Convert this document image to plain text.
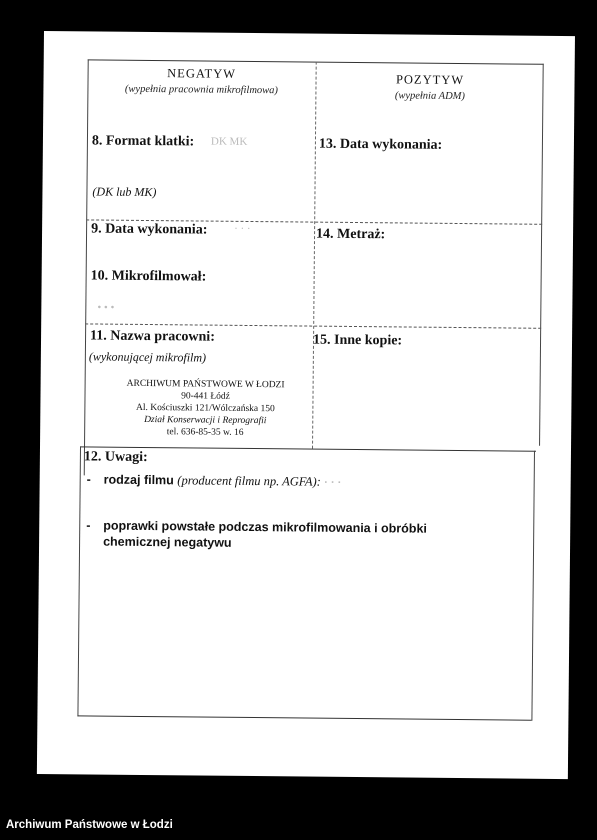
NEGATYW
(wypełnia pracownia mikrofilmowa)
8. Format klatki: DK MK
(DK lub MK)
9. Data wykonania: · · ·
10. Mikrofilmował:
• • •
11. Nazwa pracowni:
(wykonującej mikrofilm)
ARCHIWUM PAŃSTWOWE W ŁODZI
90-441 Łódź
Al. Kościuszki 121/Wólczańska 150
Dział Konserwacji i Reprografii
tel. 636-85-35 w. 16
POZYTYW
(wypełnia ADM)
13. Data wykonania:
14. Metraż:
15. Inne kopie:
12. Uwagi:
- rodzaj filmu (producent filmu np. AGFA): · · ·
- poprawki powstałe podczas mikrofilmowania i obróbki
chemicznej negatywu
Archiwum Państwowe w Łodzi
